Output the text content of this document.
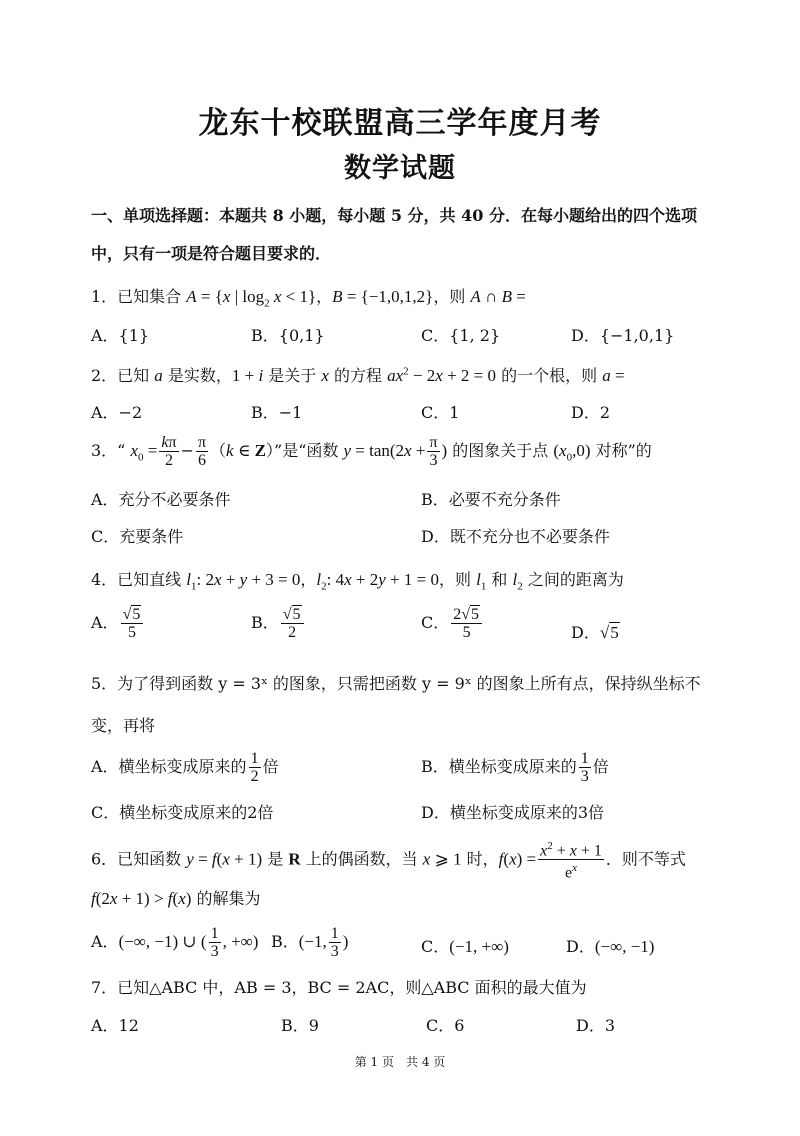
龙东十校联盟高三学年度月考
数学试题
一、单项选择题：本题共 8 小题，每小题 5 分，共 40 分．在每小题给出的四个选项
中，只有一项是符合题目要求的．
1．已知集合 A = {x | $\log_2 x < 1$}，B = {−1,0,1,2}，则 A ∩ B =
A．{1}	B．{0,1}	C．{1, 2}	D．{−1,0,1}
2．已知 a 是实数，1 + i 是关于 x 的方程 $ax^2 - 2x + 2 = 0$ 的一个根，则 a =
A．−2	B．−1	C．1	D．2
3．“ $x_0 = \frac{k\pi}{2} - \frac{\pi}{6} (k$ ∈ Z）”是“函数 $y = \tan(2x + \frac{\pi}{3}$ ) 的图象关于点 $(x_0,0)$ 对称”的
A．充分不必要条件	B．必要不充分条件
C．充要条件	D．既不充分也不必要条件
4．已知直线 $l_1$: 2x + y + 3 = 0，$l_2$: 4x + 2y + 1 = 0，则 $l_1$ 和 $l_2$ 之间的距离为
A． $\frac{√5}{5}$	B． $\frac{√5}{2}$	C． $\frac{2√5}{5}$	D．√5
5．为了得到函数 y = 3ˣ 的图象，只需把函数 y = 9ˣ 的图象上所有点，保持纵坐标不
变，再将
A．横坐标变成原来的 $\frac{1}{2}$ 倍	B．横坐标变成原来的 $\frac{1}{3}$ 倍
C．横坐标变成原来的2倍	D．横坐标变成原来的3倍
6．已知函数 y = f(x + 1) 是 R 上的偶函数，当 x ⩾ 1 时，$f(x) = \frac{x^2 + x + 1}{e^x}$ ．则不等式
f(2x + 1) > f(x) 的解集为
A．(−∞, −1) ∪ ( $\frac{1}{3}$ , +∞) B．(−1, $\frac{1}{3}$ )	C．(−1, +∞)	D．(−∞, −1)
7．已知△ABC 中，AB = 3，BC = 2AC，则△ABC 面积的最大值为
A．12	B．9	C．6	D．3
第 1 页　共 4 页
